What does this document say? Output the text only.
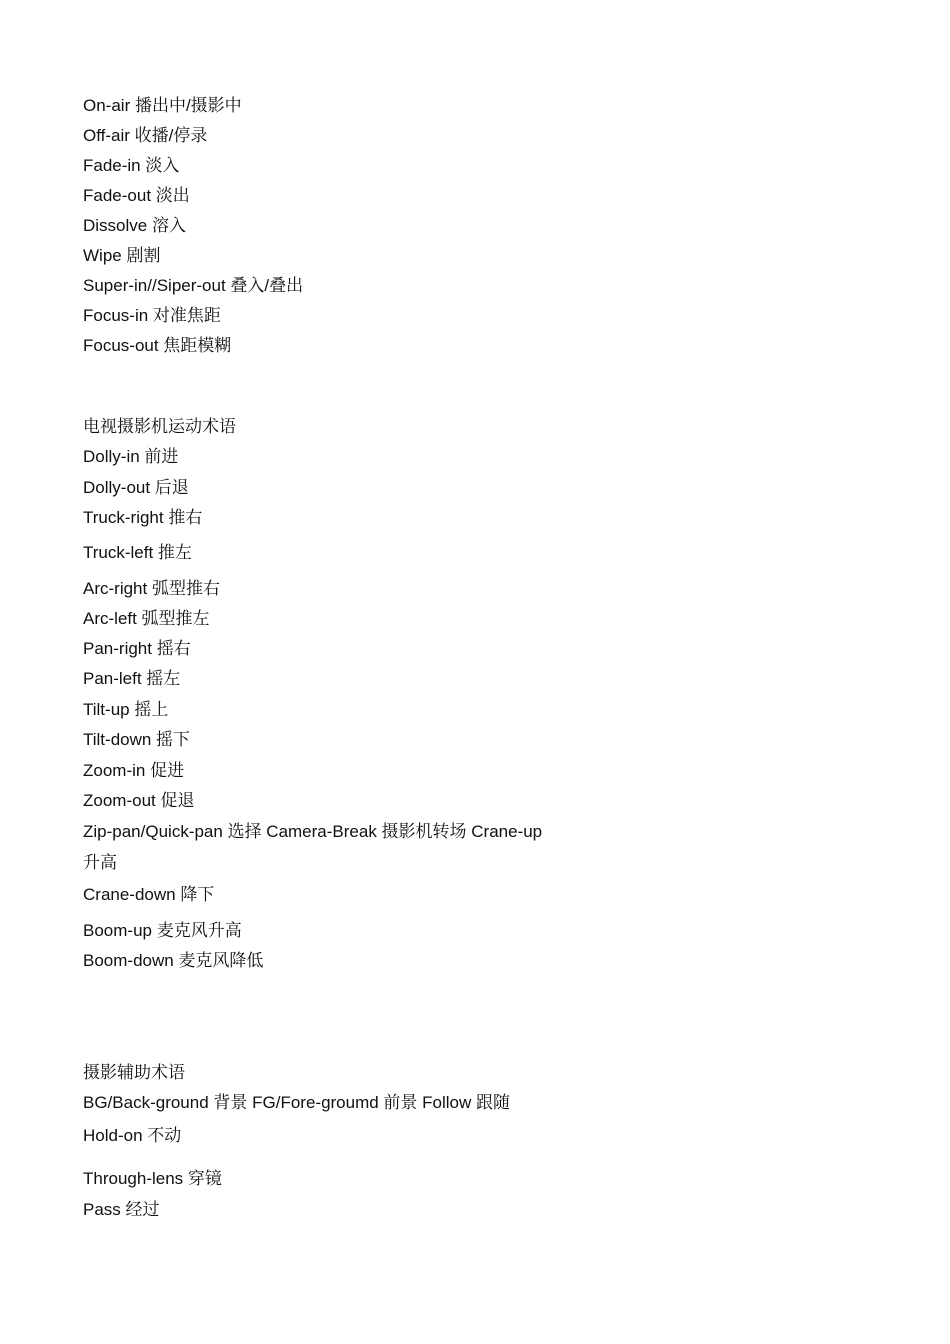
On-air 播出中/摄影中
Off-air 收播/停录
Fade-in 淡入
Fade-out 淡出
Dissolve 溶入
Wipe 剧割
Super-in//Siper-out 叠入/叠出
Focus-in 对准焦距
Focus-out 焦距模糊
电视摄影机运动术语
Dolly-in 前进
Dolly-out 后退
Truck-right 推右
Truck-left 推左
Arc-right 弧型推右
Arc-left 弧型推左
Pan-right 摇右
Pan-left 摇左
Tilt-up 摇上
Tilt-down 摇下
Zoom-in 促进
Zoom-out 促退
Zip-pan/Quick-pan 选择 Camera-Break 摄影机转场 Crane-up
升高
Crane-down 降下
Boom-up 麦克风升高
Boom-down 麦克风降低
摄影辅助术语
BG/Back-ground 背景 FG/Fore-groumd 前景 Follow 跟随
Hold-on 不动
Through-lens 穿镜
Pass 经过
